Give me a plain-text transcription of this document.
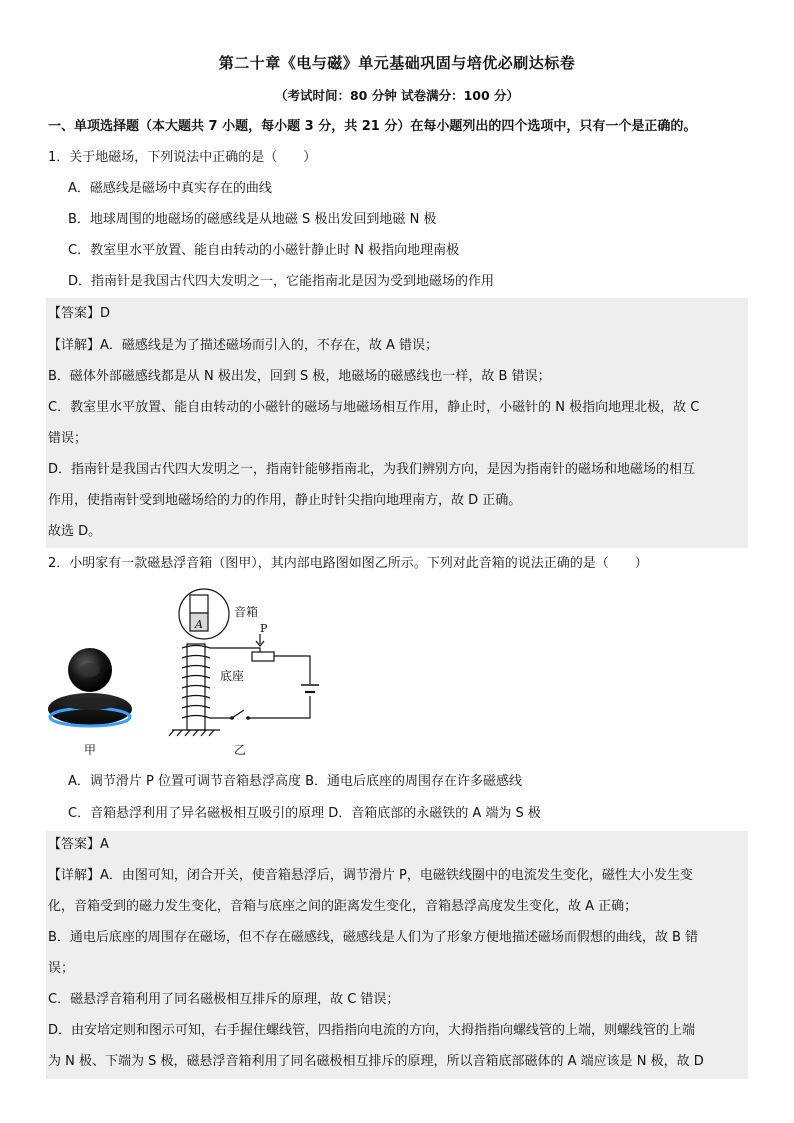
第二十章《电与磁》单元基础巩固与培优必刷达标卷
（考试时间：80 分钟 试卷满分：100 分）
一、单项选择题（本大题共 7 小题，每小题 3 分，共 21 分）在每小题列出的四个选项中，只有一个是正确的。
1．关于地磁场，下列说法中正确的是（　　）
A．磁感线是磁场中真实存在的曲线
B．地球周围的地磁场的磁感线是从地磁 S 极出发回到地磁 N 极
C．教室里水平放置、能自由转动的小磁针静止时 N 极指向地理南极
D．指南针是我国古代四大发明之一，它能指南北是因为受到地磁场的作用
【答案】D
【详解】A．磁感线是为了描述磁场而引入的，不存在，故 A 错误；
B．磁体外部磁感线都是从 N 极出发，回到 S 极，地磁场的磁感线也一样，故 B 错误；
C．教室里水平放置、能自由转动的小磁针的磁场与地磁场相互作用，静止时，小磁针的 N 极指向地理北极，故 C
错误；
D．指南针是我国古代四大发明之一，指南针能够指南北，为我们辨别方向，是因为指南针的磁场和地磁场的相互
作用，使指南针受到地磁场给的力的作用，静止时针尖指向地理南方，故 D 正确。
故选 D。
2．小明家有一款磁悬浮音箱（图甲），其内部电路图如图乙所示。下列对此音箱的说法正确的是（　　）
甲
A
音箱
P
底座
乙
A．调节滑片 P 位置可调节音箱悬浮高度 B．通电后底座的周围存在许多磁感线
C．音箱悬浮利用了异名磁极相互吸引的原理 D．音箱底部的永磁铁的 A 端为 S 极
【答案】A
【详解】A．由图可知，闭合开关，使音箱悬浮后，调节滑片 P，电磁铁线圈中的电流发生变化，磁性大小发生变
化，音箱受到的磁力发生变化，音箱与底座之间的距离发生变化，音箱悬浮高度发生变化，故 A 正确；
B．通电后底座的周围存在磁场，但不存在磁感线，磁感线是人们为了形象方便地描述磁场而假想的曲线，故 B 错
误；
C．磁悬浮音箱利用了同名磁极相互排斥的原理，故 C 错误；
D．由安培定则和图示可知，右手握住螺线管，四指指向电流的方向，大拇指指向螺线管的上端，则螺线管的上端
为 N 极、下端为 S 极，磁悬浮音箱利用了同名磁极相互排斥的原理，所以音箱底部磁体的 A 端应该是 N 极，故 D
